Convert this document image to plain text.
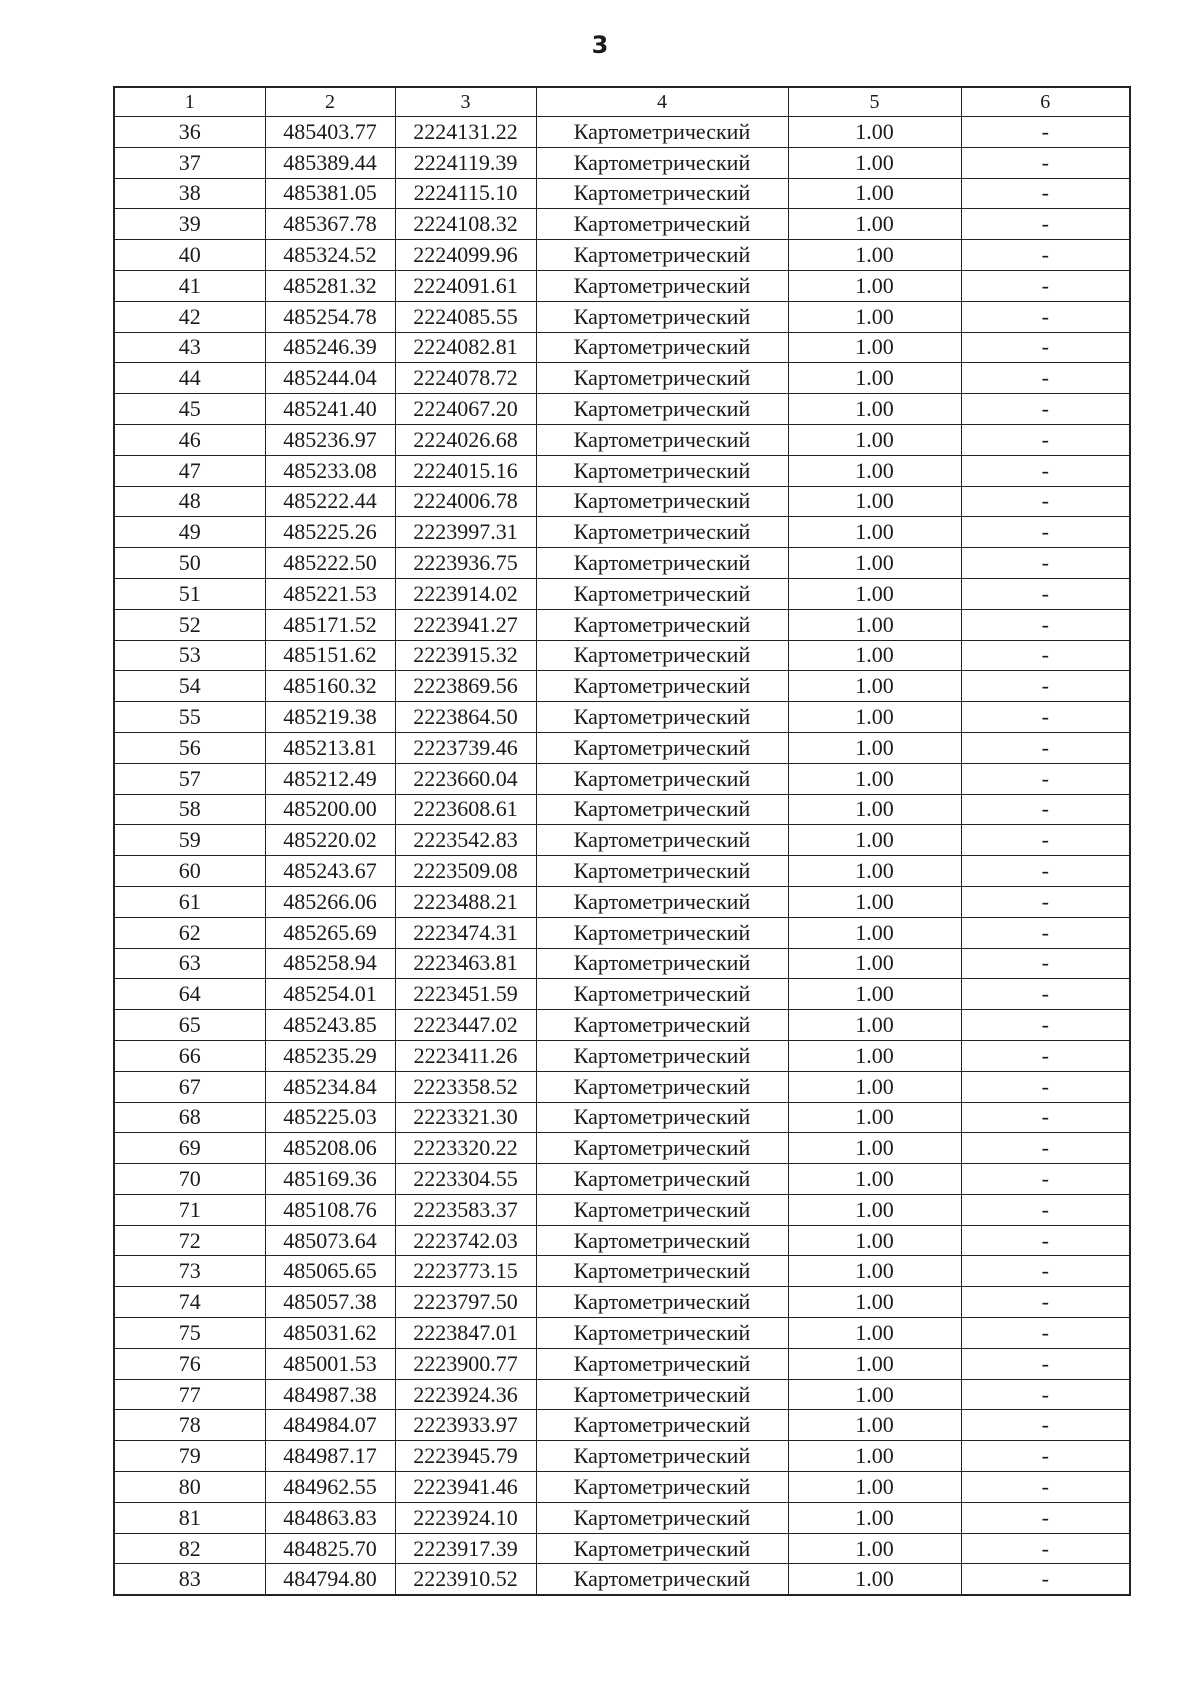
3
1	2	3	4	5	6
36	485403.77	2224131.22	Картометрический	1.00	-
37	485389.44	2224119.39	Картометрический	1.00	-
38	485381.05	2224115.10	Картометрический	1.00	-
39	485367.78	2224108.32	Картометрический	1.00	-
40	485324.52	2224099.96	Картометрический	1.00	-
41	485281.32	2224091.61	Картометрический	1.00	-
42	485254.78	2224085.55	Картометрический	1.00	-
43	485246.39	2224082.81	Картометрический	1.00	-
44	485244.04	2224078.72	Картометрический	1.00	-
45	485241.40	2224067.20	Картометрический	1.00	-
46	485236.97	2224026.68	Картометрический	1.00	-
47	485233.08	2224015.16	Картометрический	1.00	-
48	485222.44	2224006.78	Картометрический	1.00	-
49	485225.26	2223997.31	Картометрический	1.00	-
50	485222.50	2223936.75	Картометрический	1.00	-
51	485221.53	2223914.02	Картометрический	1.00	-
52	485171.52	2223941.27	Картометрический	1.00	-
53	485151.62	2223915.32	Картометрический	1.00	-
54	485160.32	2223869.56	Картометрический	1.00	-
55	485219.38	2223864.50	Картометрический	1.00	-
56	485213.81	2223739.46	Картометрический	1.00	-
57	485212.49	2223660.04	Картометрический	1.00	-
58	485200.00	2223608.61	Картометрический	1.00	-
59	485220.02	2223542.83	Картометрический	1.00	-
60	485243.67	2223509.08	Картометрический	1.00	-
61	485266.06	2223488.21	Картометрический	1.00	-
62	485265.69	2223474.31	Картометрический	1.00	-
63	485258.94	2223463.81	Картометрический	1.00	-
64	485254.01	2223451.59	Картометрический	1.00	-
65	485243.85	2223447.02	Картометрический	1.00	-
66	485235.29	2223411.26	Картометрический	1.00	-
67	485234.84	2223358.52	Картометрический	1.00	-
68	485225.03	2223321.30	Картометрический	1.00	-
69	485208.06	2223320.22	Картометрический	1.00	-
70	485169.36	2223304.55	Картометрический	1.00	-
71	485108.76	2223583.37	Картометрический	1.00	-
72	485073.64	2223742.03	Картометрический	1.00	-
73	485065.65	2223773.15	Картометрический	1.00	-
74	485057.38	2223797.50	Картометрический	1.00	-
75	485031.62	2223847.01	Картометрический	1.00	-
76	485001.53	2223900.77	Картометрический	1.00	-
77	484987.38	2223924.36	Картометрический	1.00	-
78	484984.07	2223933.97	Картометрический	1.00	-
79	484987.17	2223945.79	Картометрический	1.00	-
80	484962.55	2223941.46	Картометрический	1.00	-
81	484863.83	2223924.10	Картометрический	1.00	-
82	484825.70	2223917.39	Картометрический	1.00	-
83	484794.80	2223910.52	Картометрический	1.00	-
